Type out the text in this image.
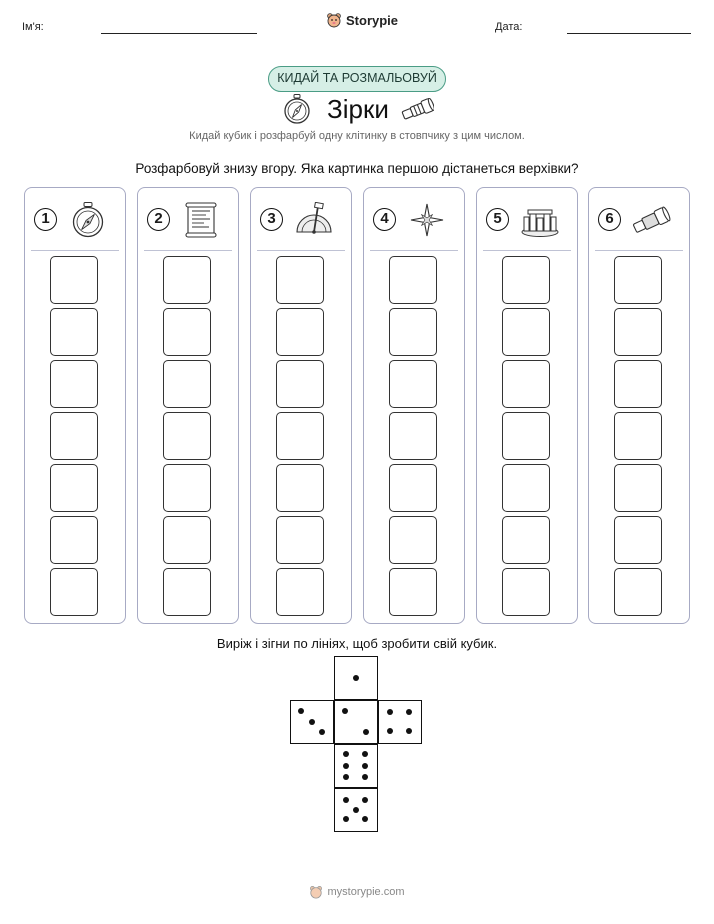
Ім'я:	Storypie	Дата:
КИДАЙ ТА РОЗМАЛЬОВУЙ
Зірки
Кидай кубик і розфарбуй одну клітинку в стовпчику з цим числом.
Розфарбовуй знизу вгору. Яка картинка першою дістанеться верхівки?
1	2	3	4	5	6
Виріж і зігни по лініях, щоб зробити свій кубик.
mystorypie.com
